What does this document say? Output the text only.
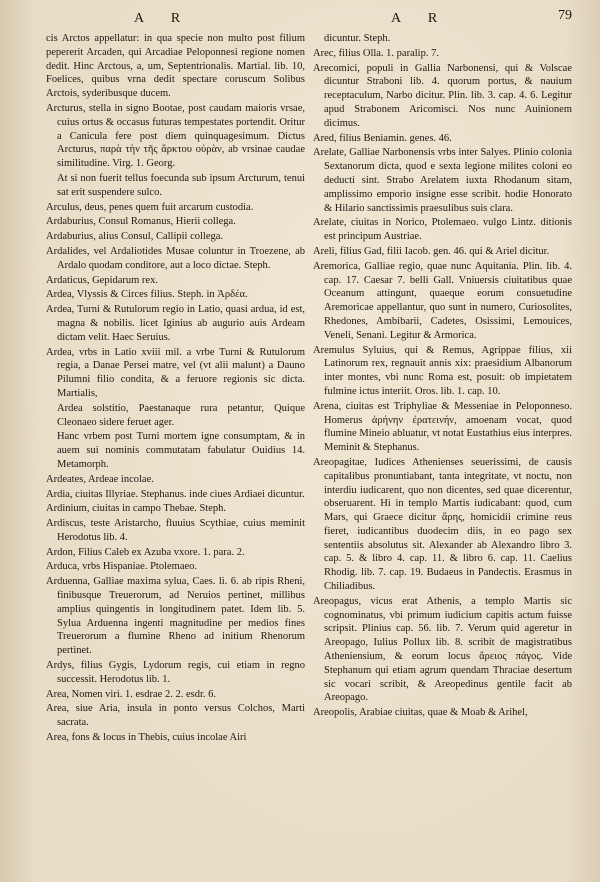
A R	A R	79

cis Arctos appellatur: in qua specie non multo post filium pepererit Arcaden, qui Arcadiae Peloponnesi regione nomen dedit. Hinc Arctous, a, um, Septentrionalis. Martial. lib. 10, Foelices, quibus vrna dedit spectare coruscum Solibus Arctois, syderibusque ducem.

Arcturus, stella in signo Bootae, post caudam maioris vrsae, cuius ortus & occasus futuras tempestates portendit. Oritur a Canicula fere post diem quinquagesimum. Dictus Arcturus, παρὰ τὴν τῆς ἄρκτου οὐρὰν, ab vrsinae caudae similitudine. Virg. 1. Georg.

At si non fuerit tellus foecunda sub ipsum Arcturum, tenui sat erit suspendere sulco.

Arculus, deus, penes quem fuit arcarum custodia.

Ardaburius, Consul Romanus, Hierii collega.

Ardaburius, alius Consul, Callipii collega.

Ardalides, vel Ardaliotides Musae coluntur in Troezene, ab Ardalo quodam conditore, aut a loco dictae. Steph.

Ardaticus, Gepidarum rex.

Ardea, Vlyssis & Circes filius. Steph. in Ἀρδέα.

Ardea, Turni & Rutulorum regio in Latio, quasi ardua, id est, magna & nobilis. licet Iginius ab augurio auis Ardeam dictam velit. Haec Seruius.

Ardea, vrbs in Latio xviii mil. a vrbe Turni & Rutulorum regia, a Danae Persei matre, vel (vt alii malunt) a Dauno Pilumni filio condita, & a feruore regionis sic dicta. Martialis,

Ardea solstitio, Paestanaque rura petantur, Quique Cleonaeo sidere feruet ager.

Hanc vrbem post Turni mortem igne consumptam, & in auem sui nominis commutatam fabulatur Ouidius 14. Metamorph.

Ardeates, Ardeae incolae.

Ardia, ciuitas Illyriae. Stephanus. inde ciues Ardiaei dicuntur.

Ardinium, ciuitas in campo Thebae. Steph.

Ardiscus, teste Aristarcho, fluuius Scythiae, cuius meminit Herodotus lib. 4.

Ardon, Filius Caleb ex Azuba vxore. 1. para. 2.

Arduca, vrbs Hispaniae. Ptolemaeo.

Arduenna, Galliae maxima sylua, Caes. li. 6. ab ripis Rheni, finibusque Treuerorum, ad Neruios pertinet, millibus amplius quingentis in longitudinem patet. Idem lib. 5. Sylua Arduenna ingenti magnitudine per medios fines Treuerorum a flumine Rheno ad initium Rhenorum pertinet.

Ardys, filius Gygis, Lydorum regis, cui etiam in regno successit. Herodotus lib. 1.

Area, Nomen viri. 1. esdrae 2. 2. esdr. 6.

Area, siue Aria, insula in ponto versus Colchos, Marti sacrata.

Area, fons & locus in Thebis, cuius incolae Airi

dicuntur. Steph.

Arec, filius Olla. 1. paralip. 7.

Arecomici, populi in Gallia Narbonensi, qui & Volscae dicuntur Straboni lib. 4. quorum portus, & nauium receptaculum, Narbo dicitur. Plin. lib. 3. cap. 4. 6. Legitur apud Strabonem Aricomisci. Nos nunc Auinionem dicimus.

Ared, filius Beniamin. genes. 46.

Arelate, Galliae Narbonensis vrbs inter Salyes. Plinio colonia Sextanorum dicta, quod e sexta legione milites coloni eo deducti sint. Strabo Arelatem iuxta Rhodanum sitam, amplissimo emporio insigne esse scribit. hodie Honorato & Hilario sanctissimis praesulibus suis clara.

Arelate, ciuitas in Norico, Ptolemaeo. vulgo Lintz. ditionis est principum Austriae.

Areli, filius Gad, filii Iacob. gen. 46. qui & Ariel dicitur.

Aremorica, Galliae regio, quae nunc Aquitania. Plin. lib. 4. cap. 17. Caesar 7. belli Gall. Vniuersis ciuitatibus quae Oceanum attingunt, quaeque eorum consuetudine Aremoricae appellantur, quo sunt in numero, Curiosolites, Rhedones, Ambibarii, Cadetes, Osissimi, Lemouices, Veneli, Senani. Legitur & Armorica.

Aremulus Syluius, qui & Remus, Agrippae filius, xii Latinorum rex, regnauit annis xix: praesidium Albanorum inter montes, vbi nunc Roma est, posuit: ob impietatem fulmine ictus interiit. Oros. lib. 1. cap. 10.

Arena, ciuitas est Triphyliae & Messeniae in Peloponneso. Homerus ἀρήνην ἐρατεινήν, amoenam vocat, quod flumine Mineio abluatur, vt notat Eustathius eius interpres. Meminit & Stephanus.

Areopagitae, Iudices Athenienses seuerissimi, de causis capitalibus pronuntiabant, tanta integritate, vt noctu, non interdiu iudicarent, quo non dicentes, sed quae dicerentur, obseruarent. Hi in templo Martis iudicabant: quod, cum Mars, qui Graece dicitur ἄρης, homicidii crimine reus fieret, iudicantibus duodecim diis, in eo pago sex sententiis absolutus sit. Alexander ab Alexandro libro 3. cap. 5. & libro 4. cap. 11. & libro 6. cap. 11. Caelius Rhodig. lib. 7. cap. 19. Budaeus in Pandectis. Erasmus in Chiliadibus.

Areopagus, vicus erat Athenis, a templo Martis sic cognominatus, vbi primum iudicium capitis actum fuisse scripsit. Plinius cap. 56. lib. 7. Verum quid ageretur in Areopago, Iulius Pollux lib. 8. scribit de magistratibus Atheniensium, & eorum locus ἄρειος πάγος. Vide Stephanum qui etiam agrum quendam Thraciae desertum sic vocari scribit, & Areopedinus gentile facit ab Areopago.

Areopolis, Arabiae ciuitas, quae & Moab & Arihel,
